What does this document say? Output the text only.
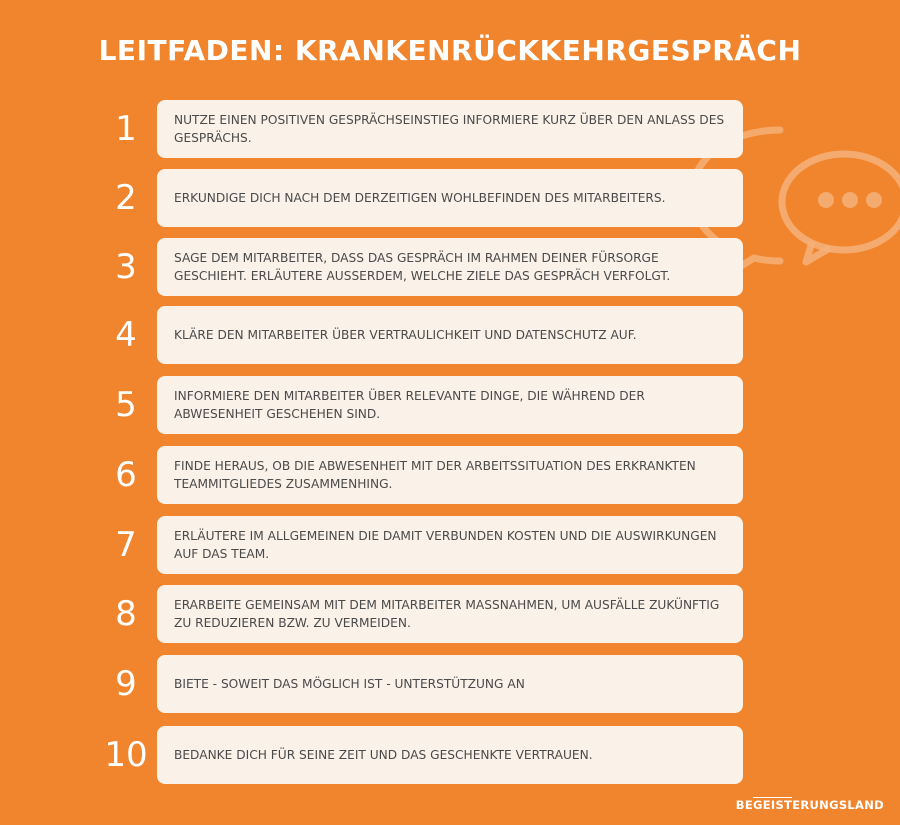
LEITFADEN: KRANKENRÜCKKEHRGESPRÄCH
1	NUTZE EINEN POSITIVEN GESPRÄCHSEINSTIEG INFORMIERE KURZ ÜBER DEN ANLASS DES GESPRÄCHS.
2	ERKUNDIGE DICH NACH DEM DERZEITIGEN WOHLBEFINDEN DES MITARBEITERS.
3	SAGE DEM MITARBEITER, DASS DAS GESPRÄCH IM RAHMEN DEINER FÜRSORGE GESCHIEHT. ERLÄUTERE AUSSERDEM, WELCHE ZIELE DAS GESPRÄCH VERFOLGT.
4	KLÄRE DEN MITARBEITER ÜBER VERTRAULICHKEIT UND DATENSCHUTZ AUF.
5	INFORMIERE DEN MITARBEITER ÜBER RELEVANTE DINGE, DIE WÄHREND DER ABWESENHEIT GESCHEHEN SIND.
6	FINDE HERAUS, OB DIE ABWESENHEIT MIT DER ARBEITSSITUATION DES ERKRANKTEN TEAMMITGLIEDES ZUSAMMENHING.
7	ERLÄUTERE IM ALLGEMEINEN DIE DAMIT VERBUNDEN KOSTEN UND DIE AUSWIRKUNGEN AUF DAS TEAM.
8	ERARBEITE GEMEINSAM MIT DEM MITARBEITER MASSNAHMEN, UM AUSFÄLLE ZUKÜNFTIG ZU REDUZIEREN BZW. ZU VERMEIDEN.
9	BIETE - SOWEIT DAS MÖGLICH IST - UNTERSTÜTZUNG AN
10	BEDANKE DICH FÜR SEINE ZEIT UND DAS GESCHENKTE VERTRAUEN.
BEGEISTERUNGSLAND
